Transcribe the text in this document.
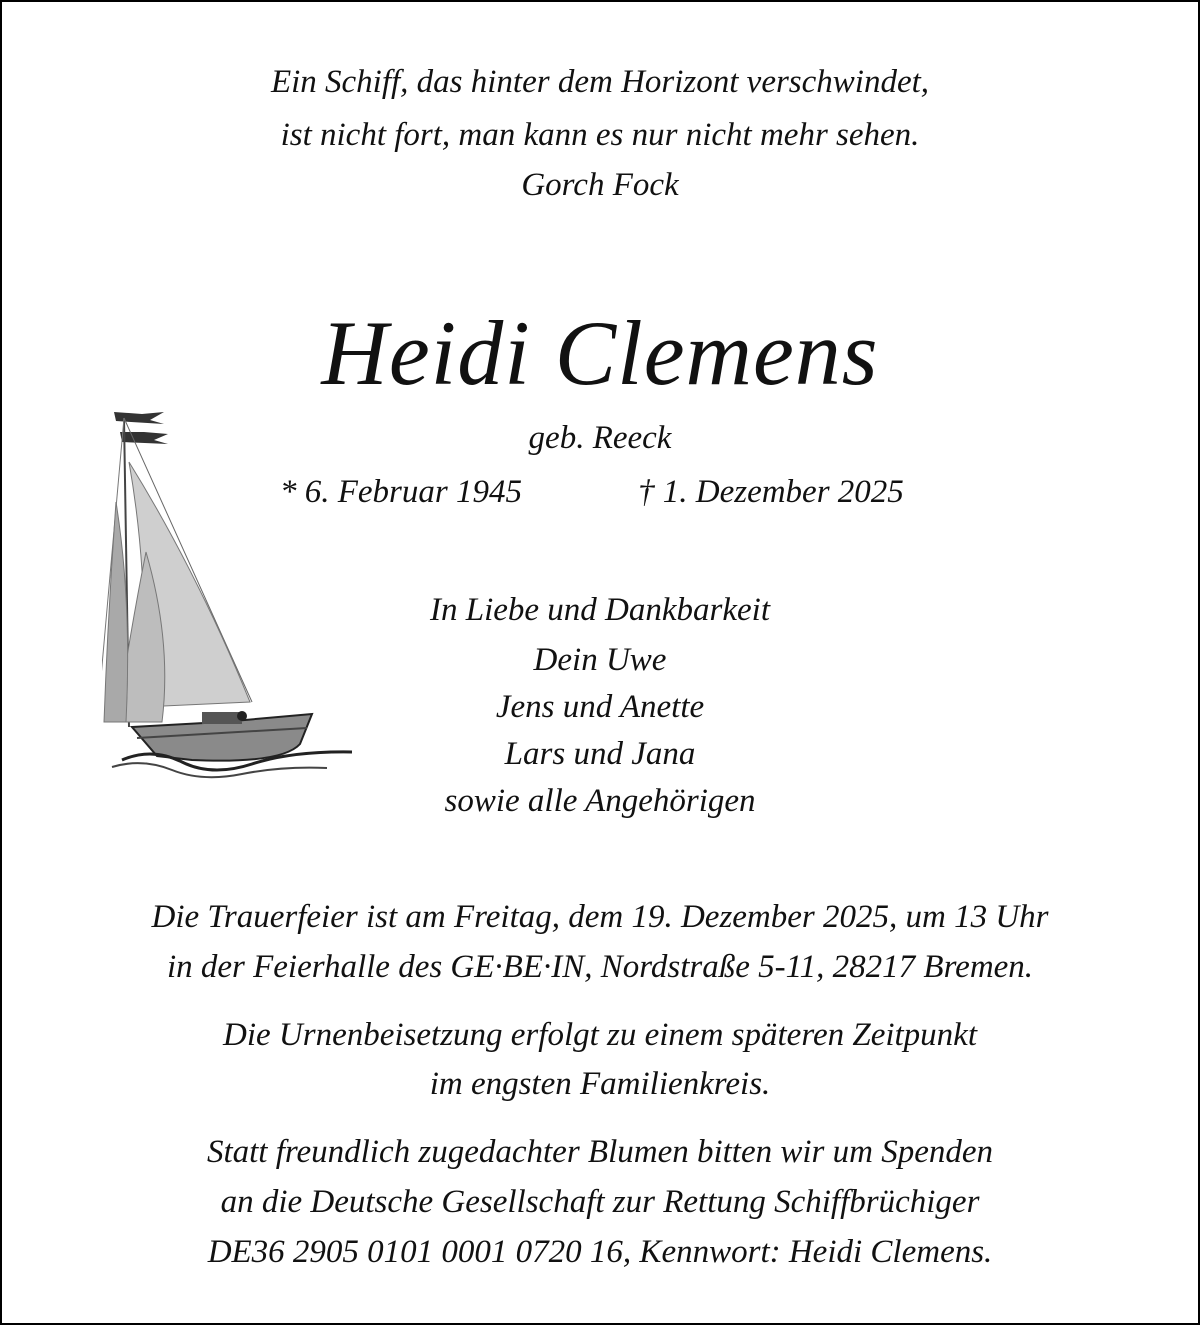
Ein Schiff, das hinter dem Horizont verschwindet,
ist nicht fort, man kann es nur nicht mehr sehen.
Gorch Fock
Heidi Clemens
geb. Reeck
* 6. Februar 1945	† 1. Dezember 2025
In Liebe und Dankbarkeit
Dein Uwe
Jens und Anette
Lars und Jana
sowie alle Angehörigen
Die Trauerfeier ist am Freitag, dem 19. Dezember 2025, um 13 Uhr
in der Feierhalle des GE·BE·IN, Nordstraße 5-11, 28217 Bremen.
Die Urnenbeisetzung erfolgt zu einem späteren Zeitpunkt
im engsten Familienkreis.
Statt freundlich zugedachter Blumen bitten wir um Spenden
an die Deutsche Gesellschaft zur Rettung Schiffbrüchiger
DE36 2905 0101 0001 0720 16, Kennwort: Heidi Clemens.
